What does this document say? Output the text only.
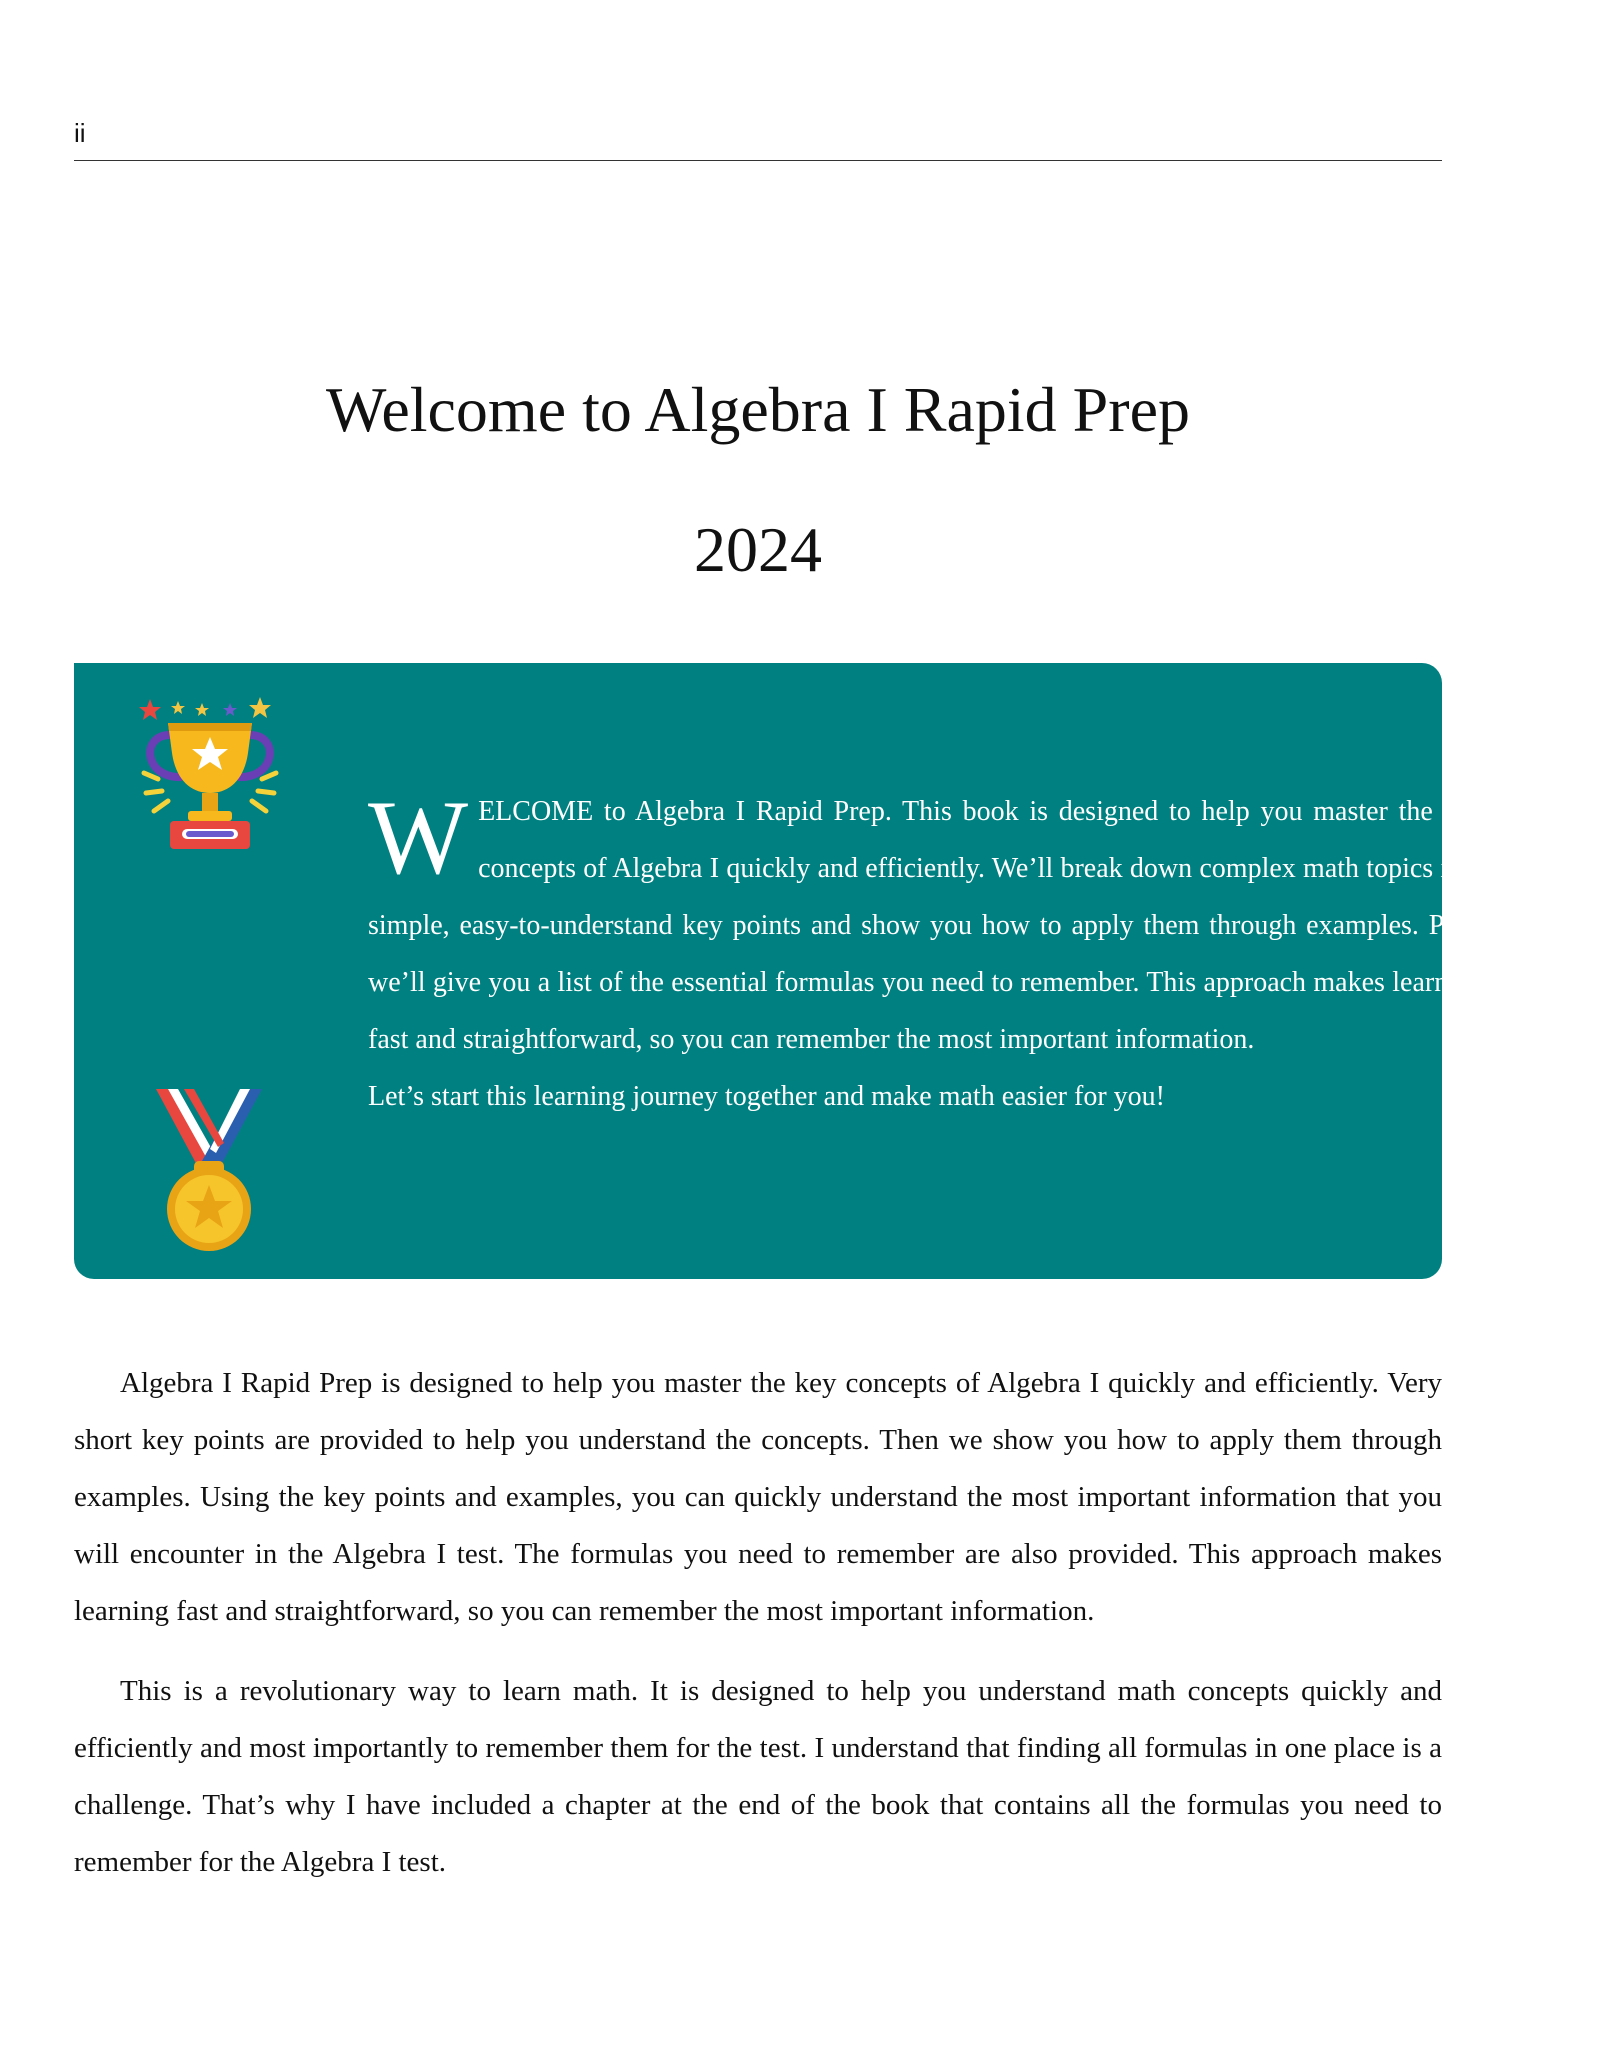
ii
Welcome to Algebra I Rapid Prep
2024

WELCOME to Algebra I Rapid Prep. This book is designed to help you master the key concepts of Algebra I quickly and efficiently. We’ll break down complex math topics into simple, easy-to-understand key points and show you how to apply them through examples. Plus, we’ll give you a list of the essential formulas you need to remember. This approach makes learning fast and straightforward, so you can remember the most important information.

Let’s start this learning journey together and make math easier for you!

Algebra I Rapid Prep is designed to help you master the key concepts of Algebra I quickly and efficiently. Very short key points are provided to help you understand the concepts. Then we show you how to apply them through examples. Using the key points and examples, you can quickly understand the most important information that you will encounter in the Algebra I test. The formulas you need to remember are also provided. This approach makes learning fast and straightforward, so you can remember the most important information.

This is a revolutionary way to learn math. It is designed to help you understand math concepts quickly and efficiently and most importantly to remember them for the test. I understand that finding all formulas in one place is a challenge. That’s why I have included a chapter at the end of the book that contains all the formulas you need to remember for the Algebra I test.
